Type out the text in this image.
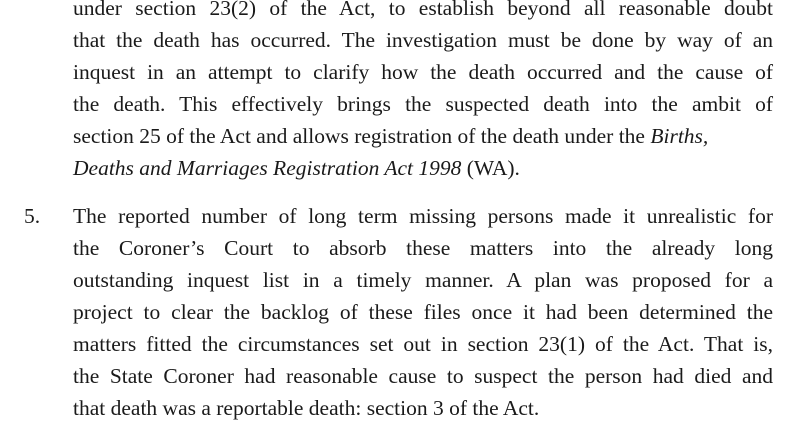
under section 23(2) of the Act, to establish beyond all reasonable doubt
that the death has occurred. The investigation must be done by way of an
inquest in an attempt to clarify how the death occurred and the cause of
the death. This effectively brings the suspected death into the ambit of
section 25 of the Act and allows registration of the death under the Births,
Deaths and Marriages Registration Act 1998 (WA).
5. The reported number of long term missing persons made it unrealistic for
the Coroner’s Court to absorb these matters into the already long
outstanding inquest list in a timely manner. A plan was proposed for a
project to clear the backlog of these files once it had been determined the
matters fitted the circumstances set out in section 23(1) of the Act. That is,
the State Coroner had reasonable cause to suspect the person had died and
that death was a reportable death: section 3 of the Act.
